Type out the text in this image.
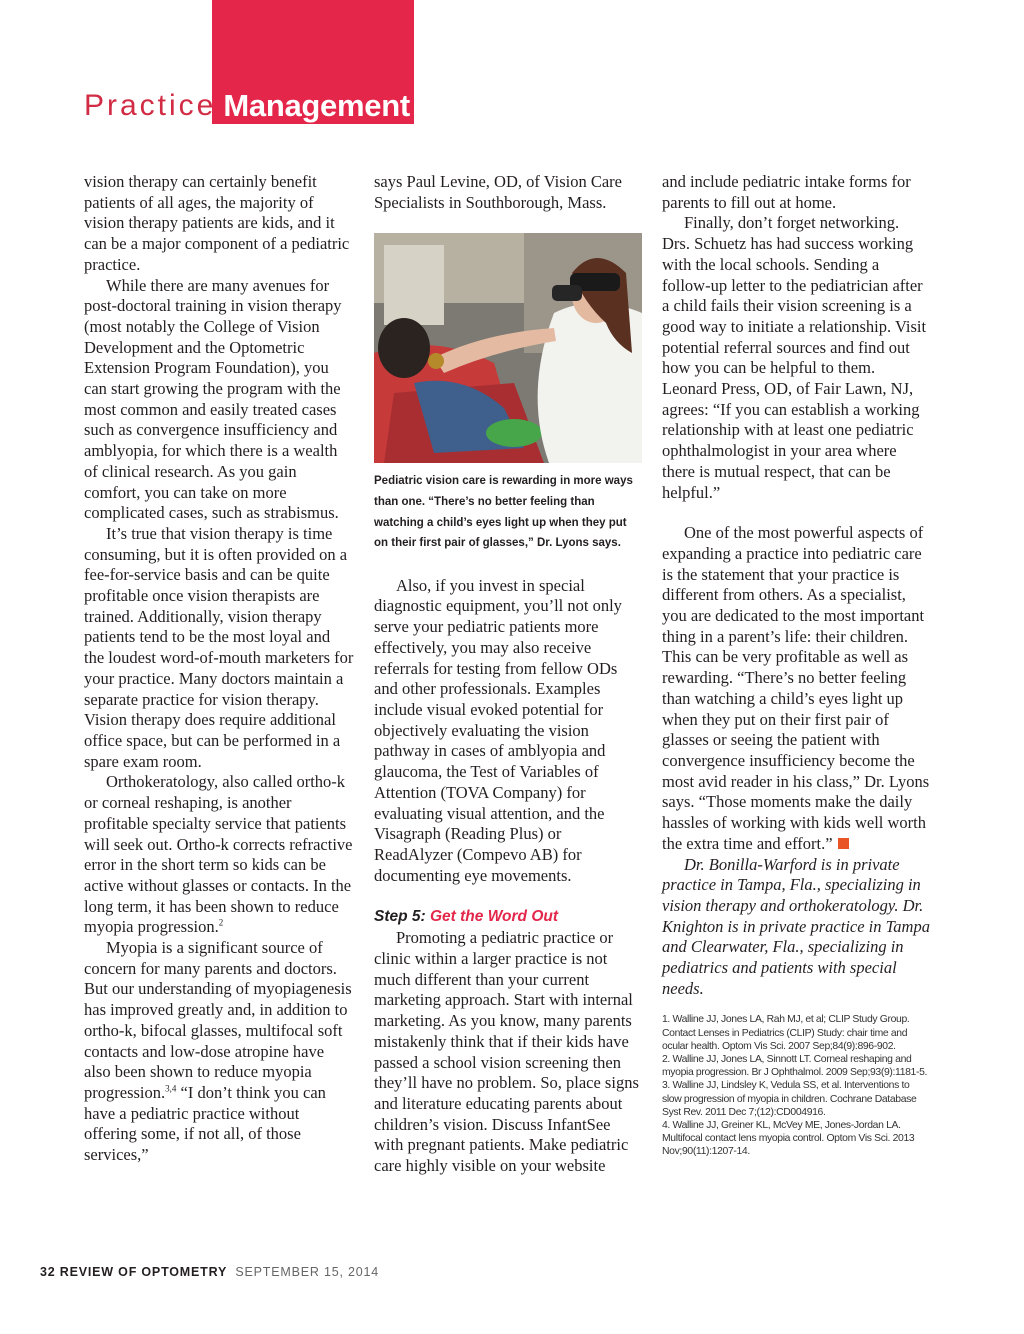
Practice Management

vision therapy can certainly benefit patients of all ages, the majority of vision therapy patients are kids, and it can be a major component of a pediatric practice.

While there are many avenues for post-doctoral training in vision therapy (most notably the College of Vision Development and the Optometric Extension Program Foundation), you can start growing the program with the most common and easily treated cases such as convergence insufficiency and amblyopia, for which there is a wealth of clinical research. As you gain comfort, you can take on more complicated cases, such as strabismus.

It’s true that vision therapy is time consuming, but it is often provided on a fee-for-service basis and can be quite profitable once vision therapists are trained. Additionally, vision therapy patients tend to be the most loyal and the loudest word-of-mouth marketers for your practice. Many doctors maintain a separate practice for vision therapy. Vision therapy does require additional office space, but can be performed in a spare exam room.

Orthokeratology, also called ortho-k or corneal reshaping, is another profitable specialty service that patients will seek out. Ortho-k corrects refractive error in the short term so kids can be active without glasses or contacts. In the long term, it has been shown to reduce myopia progression.$^2$

Myopia is a significant source of concern for many parents and doctors. But our understanding of myopiagenesis has improved greatly and, in addition to ortho-k, bifocal glasses, multifocal soft contacts and low-dose atropine have also been shown to reduce myopia progression.$^{3,4}$ “I don’t think you can have a pediatric practice without offering some, if not all, of those services,”

says Paul Levine, OD, of Vision Care Specialists in Southborough, Mass.

Pediatric vision care is rewarding in more ways than one. “There’s no better feeling than watching a child’s eyes light up when they put on their first pair of glasses,” Dr. Lyons says.

Also, if you invest in special diagnostic equipment, you’ll not only serve your pediatric patients more effectively, you may also receive referrals for testing from fellow ODs and other professionals. Examples include visual evoked potential for objectively evaluating the vision pathway in cases of amblyopia and glaucoma, the Test of Variables of Attention (TOVA Company) for evaluating visual attention, and the Visagraph (Reading Plus) or ReadAlyzer (Compevo AB) for documenting eye movements.

Step 5: Get the Word Out

Promoting a pediatric practice or clinic within a larger practice is not much different than your current marketing approach. Start with internal marketing. As you know, many parents mistakenly think that if their kids have passed a school vision screening then they’ll have no problem. So, place signs and literature educating parents about children’s vision. Discuss InfantSee with pregnant patients. Make pediatric care highly visible on your website

and include pediatric intake forms for parents to fill out at home.

Finally, don’t forget networking. Drs. Schuetz has had success working with the local schools. Sending a follow-up letter to the pediatrician after a child fails their vision screening is a good way to initiate a relationship. Visit potential referral sources and find out how you can be helpful to them. Leonard Press, OD, of Fair Lawn, NJ, agrees: “If you can establish a working relationship with at least one pediatric ophthalmologist in your area where there is mutual respect, that can be helpful.”

One of the most powerful aspects of expanding a practice into pediatric care is the statement that your practice is different from others. As a specialist, you are dedicated to the most important thing in a parent’s life: their children. This can be very profitable as well as rewarding. “There’s no better feeling than watching a child’s eyes light up when they put on their first pair of glasses or seeing the patient with convergence insufficiency become the most avid reader in his class,” Dr. Lyons says. “Those moments make the daily hassles of working with kids well worth the extra time and effort.”

Dr. Bonilla-Warford is in private practice in Tampa, Fla., specializing in vision therapy and orthokeratology. Dr. Knighton is in private practice in Tampa and Clearwater, Fla., specializing in pediatrics and patients with special needs.

1. Walline JJ, Jones LA, Rah MJ, et al; CLIP Study Group. Contact Lenses in Pediatrics (CLIP) Study: chair time and ocular health. Optom Vis Sci. 2007 Sep;84(9):896-902.
2. Walline JJ, Jones LA, Sinnott LT. Corneal reshaping and myopia progression. Br J Ophthalmol. 2009 Sep;93(9):1181-5.
3. Walline JJ, Lindsley K, Vedula SS, et al. Interventions to slow progression of myopia in children. Cochrane Database Syst Rev. 2011 Dec 7;(12):CD004916.
4. Walline JJ, Greiner KL, McVey ME, Jones-Jordan LA. Multifocal contact lens myopia control. Optom Vis Sci. 2013 Nov;90(11):1207-14.
32 REVIEW OF OPTOMETRY SEPTEMBER 15, 2014
